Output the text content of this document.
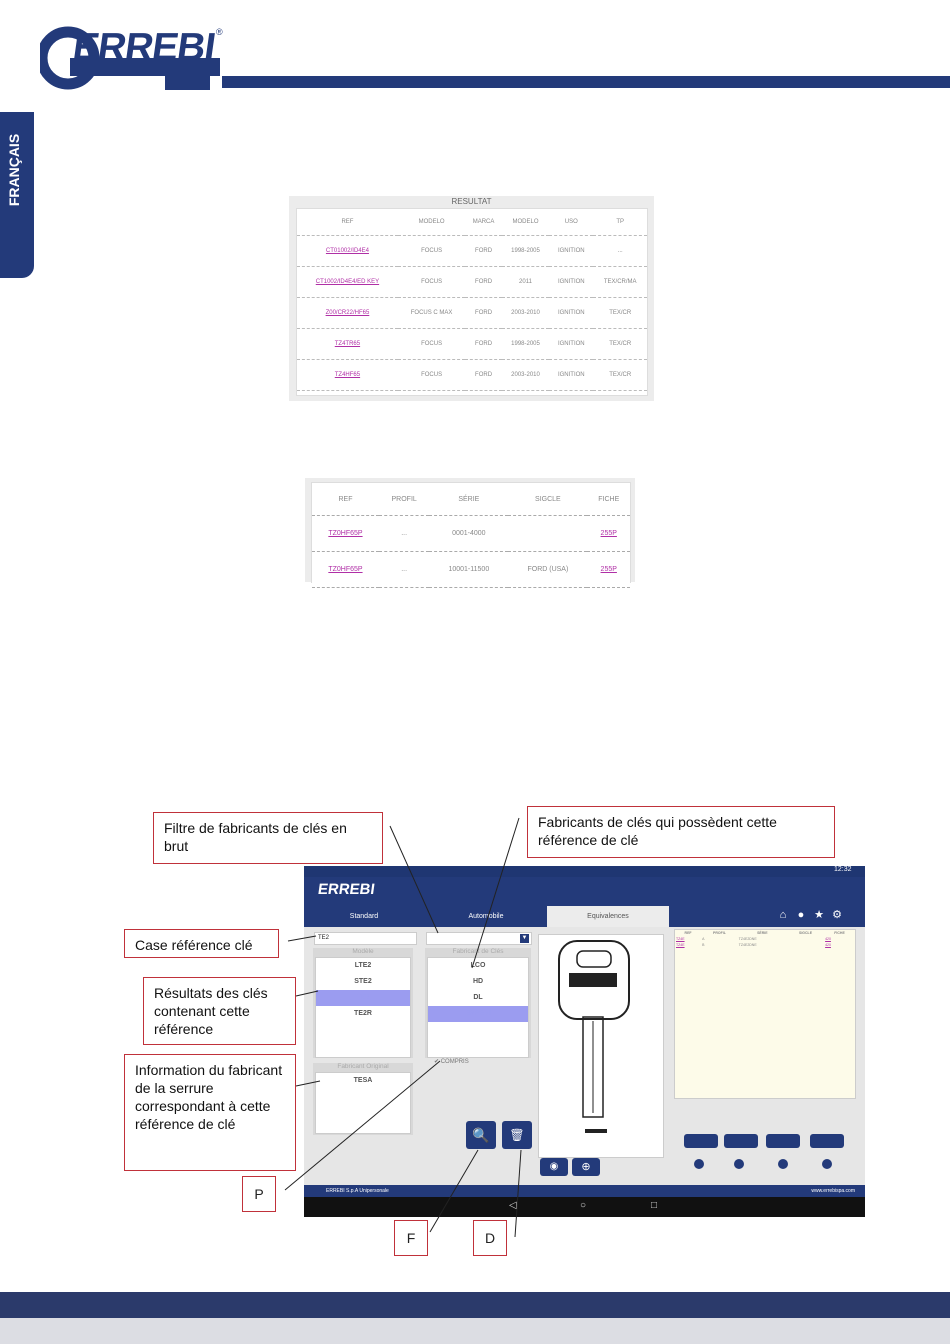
ERREBI
®
FRANÇAIS	RESULTAT
REF	MODELO	MARCA	MODELO	USO	TP
CT01002/ID4E4	FOCUS	FORD	1998-2005	IGNITION	...
CT1002/ID4E4/ED KEY	FOCUS	FORD	2011	IGNITION	TEX/CR/MA
Z00/CR22/HF65	FOCUS C MAX	FORD	2003-2010	IGNITION	TEX/CR
TZ4TR65	FOCUS	FORD	1998-2005	IGNITION	TEX/CR
TZ4HF65	FOCUS	FORD	2003-2010	IGNITION	TEX/CR
REF	PROFIL	SÉRIE	SIGCLE	FICHE
TZ0HF65P	...	0001-4000		255P
TZ0HF65P	...	10001-11500	FORD (USA)	255P
Filtre de fabricants de clés en brut
Fabricants de clés qui possèdent cette référence de clé
Case référence clé
Résultats des clés contenant cette référence
Information du fabricant de la serrure correspondant à cette référence de clé
P
F	D
12:32
ERREBI
Standard	Automobile	Equivalences	⌂ ● ★ ⚙
TE2	▼
Modèle
LTE2
STE2
TE2
TE2R
Fabricant de Clés
LCO
HD
DL
ERREBI
✔ COMPRIS
Fabricant Original
TESA
◉	⊕
🔍	🗑
REF	PROFIL	SÉRIE	SIGCLE	FICHE
TZ4E	A	TZ4E2DNE		420
TZ4E	B	TZ4E2DNE		420
ERREBI S.p.A Unipersonale	www.errebispa.com
◁	○	□
